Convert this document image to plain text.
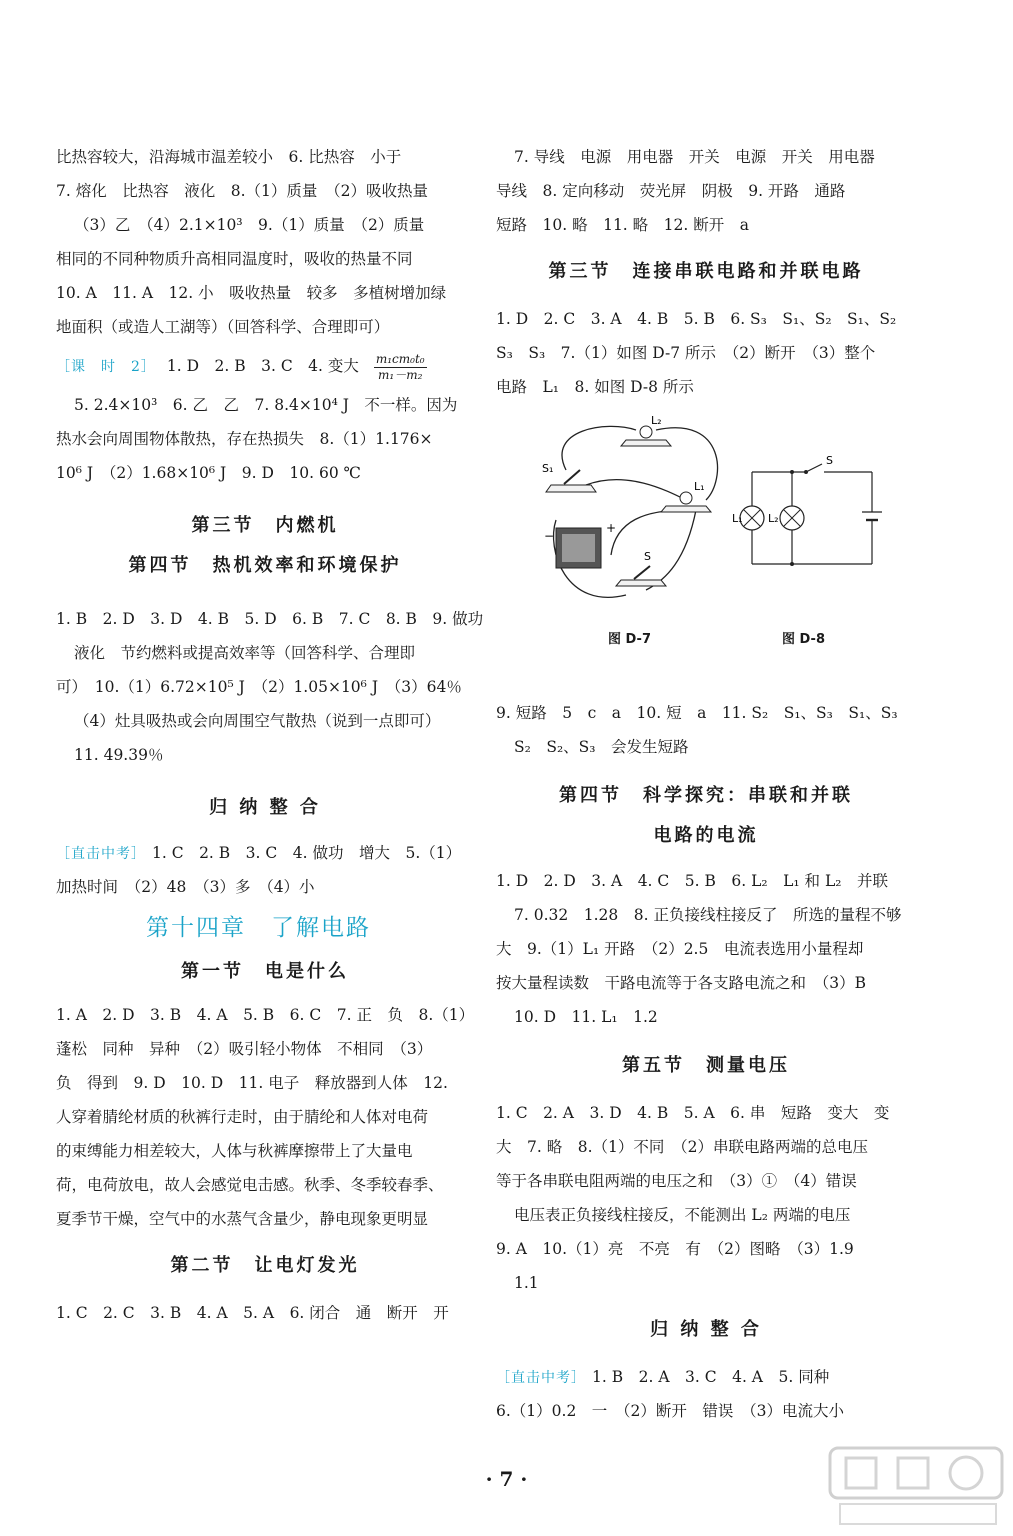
比热容较大，沿海城市温差较小　6. 比热容　小于
7. 熔化　比热容　液化　8.（1）质量　（2）吸收热量
（3）乙　（4）2.1×10³　9.（1）质量　（2）质量
相同的不同种物质升高相同温度时，吸收的热量不同
10. A　11. A　12. 小　吸收热量　较多　多植树增加绿
地面积（或造人工湖等）（回答科学、合理即可）
［课　时　2］ 1. D　2. B　3. C　4. 变大 $\frac{\text{m₁cm₀t₀}}{\text{m₁－m₂}}$
5. 2.4×10³　6. 乙　乙　7. 8.4×10⁴ J　不一样。因为
热水会向周围物体散热，存在热损失　8.（1）1.176×
10⁶ J　（2）1.68×10⁶ J　9. D　10. 60 ℃
第三节　内燃机
第四节　热机效率和环境保护
1. B　2. D　3. D　4. B　5. D　6. B　7. C　8. B　9. 做功
液化　节约燃料或提高效率等（回答科学、合理即
可）　10.（1）6.72×10⁵ J　（2）1.05×10⁶ J　（3）64％
（4）灶具吸热或会向周围空气散热（说到一点即可）
11. 49.39％
归 纳 整 合
［直击中考］ 1. C　2. B　3. C　4. 做功　增大　5.（1）
加热时间　（2）48　（3）多　（4）小
第十四章　了解电路
第一节　电是什么
1. A　2. D　3. B　4. A　5. B　6. C　7. 正　负　8.（1）
蓬松　同种　异种　（2）吸引轻小物体　不相同　（3）
负　得到　9. D　10. D　11. 电子　释放器到人体　12.
人穿着腈纶材质的秋裤行走时，由于腈纶和人体对电荷
的束缚能力相差较大，人体与秋裤摩擦带上了大量电
荷，电荷放电，故人会感觉电击感。秋季、冬季较春季、
夏季节干燥，空气中的水蒸气含量少，静电现象更明显
第二节　让电灯发光
1. C　2. C　3. B　4. A　5. A　6. 闭合　通　断开　开
7. 导线　电源　用电器　开关　电源　开关　用电器
导线　8. 定向移动　荧光屏　阴极　9. 开路　通路
短路　10. 略　11. 略　12. 断开　a
第三节　连接串联电路和并联电路
1. D　2. C　3. A　4. B　5. B　6. S₃　S₁、S₂　S₁、S₂
S₃　S₃　7.（1）如图 D-7 所示　（2）断开　（3）整个
电路　L₁　8. 如图 D-8 所示
L₂
L₁
S₁
S
+
−
图 D-7
L₁ L₂
S
图 D-8
9. 短路　5　c　a　10. 短　a　11. S₂　S₁、S₃　S₁、S₃
S₂　S₂、S₃　会发生短路
第四节　科学探究：串联和并联
电路的电流
1. D　2. D　3. A　4. C　5. B　6. L₂　L₁ 和 L₂　并联
7. 0.32　1.28　8. 正负接线柱接反了　所选的量程不够
大　9.（1）L₁ 开路　（2）2.5　电流表选用小量程却
按大量程读数　干路电流等于各支路电流之和　（3）B
10. D　11. L₁　1.2
第五节　测量电压
1. C　2. A　3. D　4. B　5. A　6. 串　短路　变大　变
大　7. 略　8.（1）不同　（2）串联电路两端的总电压
等于各串联电阻两端的电压之和　（3）①　（4）错误
电压表正负接线柱接反，不能测出 L₂ 两端的电压
9. A　10.（1）亮　不亮　有　（2）图略　（3）1.9
1.1
归 纳 整 合
［直击中考］ 1. B　2. A　3. C　4. A　5. 同种
6.（1）0.2　一　（2）断开　错误　（3）电流大小
· 7 ·
